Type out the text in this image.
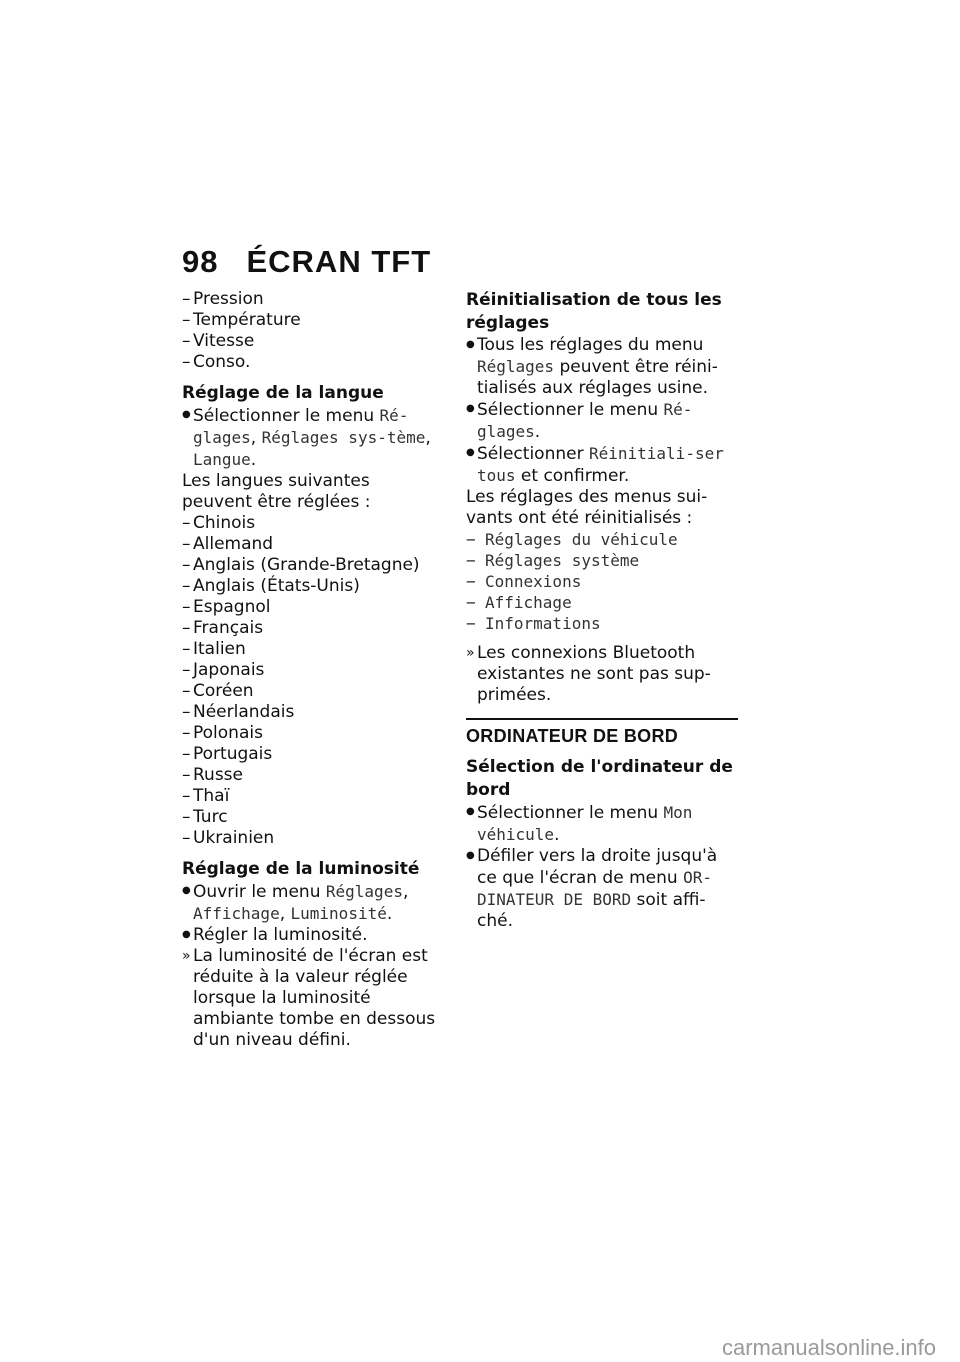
98 ÉCRAN TFT
– Pression
– Température
– Vitesse
– Conso.
Réglage de la langue
● Sélectionner le menu Ré-glages, Réglages sys-tème, Langue.

Les langues suivantes peuvent être réglées :

– Chinois
– Allemand
– Anglais (Grande-Bretagne)
– Anglais (États-Unis)
– Espagnol
– Français
– Italien
– Japonais
– Coréen
– Néerlandais
– Polonais
– Portugais
– Russe
– Thaï
– Turc
– Ukrainien
Réglage de la luminosité
● Ouvrir le menu Réglages, Affichage, Luminosité.
● Régler la luminosité.
» La luminosité de l'écran est réduite à la valeur réglée lorsque la luminosité ambiante tombe en dessous d'un niveau défini.
Réinitialisation de tous les réglages
● Tous les réglages du menu Réglages peuvent être réini-tialisés aux réglages usine.
● Sélectionner le menu Ré-glages.
● Sélectionner Réinitiali-ser tous et confirmer.

Les réglages des menus sui-vants ont été réinitialisés :

− Réglages du véhicule
− Réglages système
− Connexions
− Affichage
− Informations
» Les connexions Bluetooth existantes ne sont pas sup-primées.
ORDINATEUR DE BORD
Sélection de l'ordinateur de bord
● Sélectionner le menu Mon véhicule.
● Défiler vers la droite jusqu'à ce que l'écran de menu OR-DINATEUR DE BORD soit affi-ché.
carmanualsonline.info
